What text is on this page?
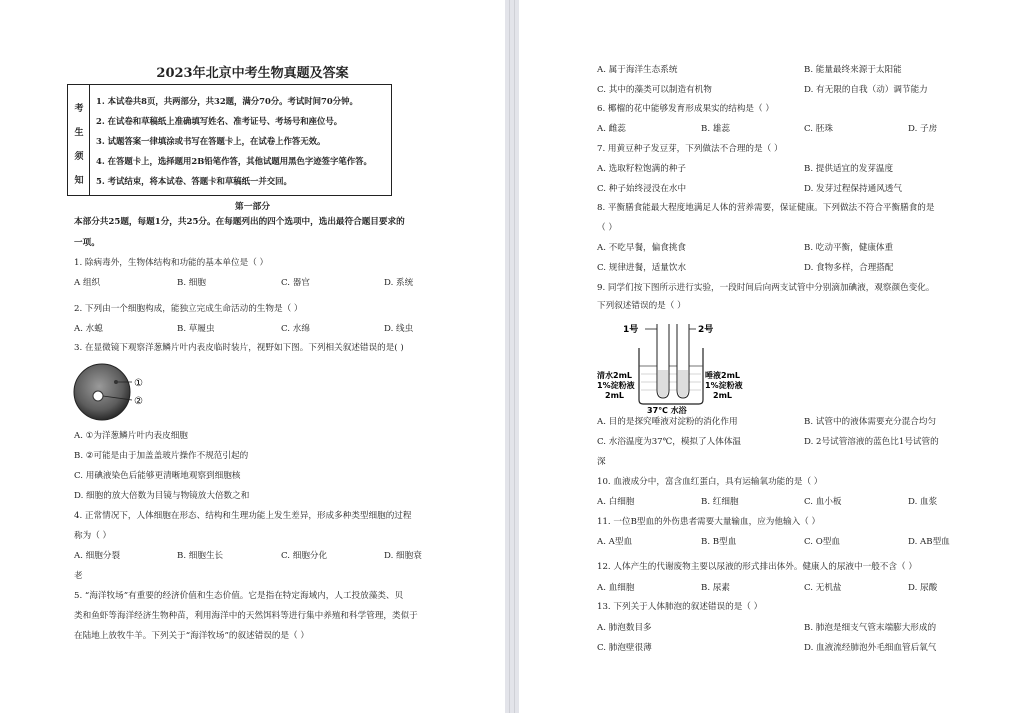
2023年北京中考生物真题及答案
考
生
须
知
1. 本试卷共8页，共两部分，共32题，满分70分。考试时间70分钟。
2. 在试卷和草稿纸上准确填写姓名、准考证号、考场号和座位号。
3. 试题答案一律填涂或书写在答题卡上，在试卷上作答无效。
4. 在答题卡上，选择题用2B铅笔作答，其他试题用黑色字迹签字笔作答。
5. 考试结束，将本试卷、答题卡和草稿纸一并交回。
第一部分
本部分共25题，每题1分，共25分。在每题列出的四个选项中，选出最符合题目要求的
一项。
1. 除病毒外，生物体结构和功能的基本单位是（ ）
A 组织	B. 细胞	C. 器官	D. 系统
2. 下列由一个细胞构成，能独立完成生命活动的生物是（ ）
A. 水螅	B. 草履虫	C. 水绵	D. 线虫
3. 在显微镜下观察洋葱鳞片叶内表皮临时装片，视野如下图。下列相关叙述错误的是( )
①
②
A. ①为洋葱鳞片叶内表皮细胞
B. ②可能是由于加盖盖玻片操作不规范引起的
C. 用碘液染色后能够更清晰地观察到细胞核
D. 细胞的放大倍数为目镜与物镜放大倍数之和
4. 正常情况下，人体细胞在形态、结构和生理功能上发生差异，形成多种类型细胞的过程
称为（ ）
A. 细胞分裂	B. 细胞生长	C. 细胞分化	D. 细胞衰
老
5. “海洋牧场”有重要的经济价值和生态价值。它是指在特定海域内，人工投放藻类、贝
类和鱼虾等海洋经济生物种苗，利用海洋中的天然饵料等进行集中养殖和科学管理，类似于
在陆地上放牧牛羊。下列关于“海洋牧场”的叙述错误的是（ ）
A. 属于海洋生态系统	B. 能量最终来源于太阳能
C. 其中的藻类可以制造有机物	D. 有无限的自我（动）调节能力
6. 椰榴的花中能够发育形成果实的结构是（ ）
A. 雌蕊	B. 雄蕊	C. 胚珠	D. 子房
7. 用黄豆种子发豆芽，下列做法不合理的是（ ）
A. 选取籽粒饱满的种子	B. 提供适宜的发芽温度
C. 种子始终浸没在水中	D. 发芽过程保持通风透气
8. 平衡膳食能最大程度地满足人体的营养需要，保证健康。下列做法不符合平衡膳食的是
（ ）
A. 不吃早餐，偏食挑食	B. 吃动平衡，健康体重
C. 规律进餐，适量饮水	D. 食物多样，合理搭配
9. 同学们按下图所示进行实验，一段时间后向两支试管中分别滴加碘液，观察颜色变化。
下列叙述错误的是（ ）
1号	2号
清水2mL
1%淀粉液
2mL
唾液2mL
1%淀粉液
2mL
37℃ 水浴
A. 目的是探究唾液对淀粉的消化作用	B. 试管中的液体需要充分混合均匀
C. 水浴温度为37℃，模拟了人体体温	D. 2号试管溶液的蓝色比1号试管的
深
10. 血液成分中，富含血红蛋白，具有运输氧功能的是（ ）
A. 白细胞	B. 红细胞	C. 血小板	D. 血浆
11. 一位B型血的外伤患者需要大量输血，应为他输入（ ）
A. A型血	B. B型血	C. O型血	D. AB型血
12. 人体产生的代谢废物主要以尿液的形式排出体外。健康人的尿液中一般不含（ ）
A. 血细胞	B. 尿素	C. 无机盐	D. 尿酸
13. 下列关于人体肺泡的叙述错误的是（ ）
A. 肺泡数目多	B. 肺泡是细支气管末端膨大形成的
C. 肺泡壁很薄	D. 血液流经肺泡外毛细血管后氧气
